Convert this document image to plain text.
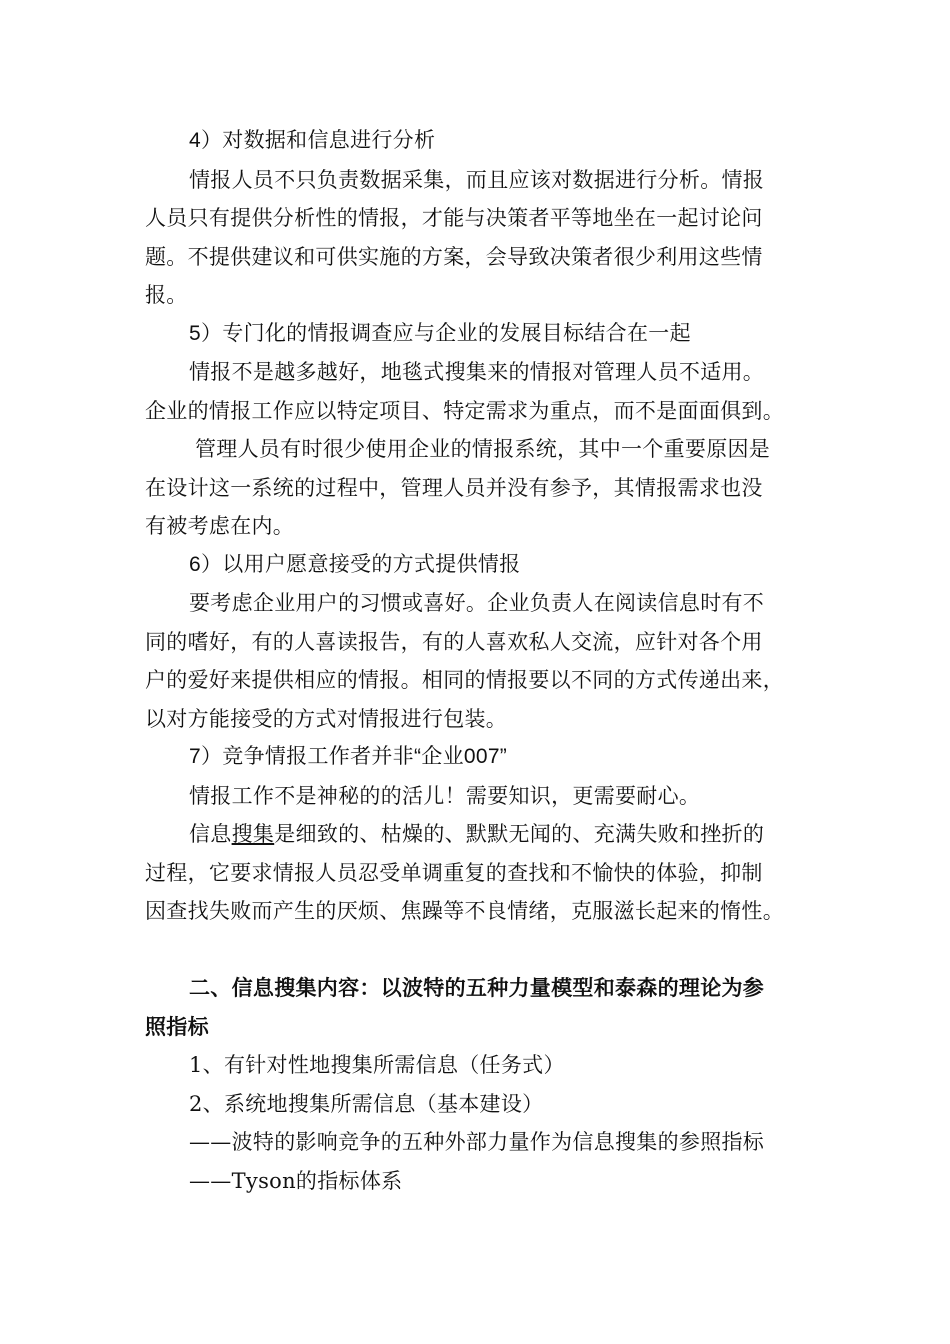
4）对数据和信息进行分析
情报人员不只负责数据采集，而且应该对数据进行分析。情报
人员只有提供分析性的情报，才能与决策者平等地坐在一起讨论问
题。不提供建议和可供实施的方案，会导致决策者很少利用这些情
报。
5）专门化的情报调查应与企业的发展目标结合在一起
情报不是越多越好，地毯式搜集来的情报对管理人员不适用。
企业的情报工作应以特定项目、特定需求为重点，而不是面面俱到。
管理人员有时很少使用企业的情报系统，其中一个重要原因是
在设计这一系统的过程中，管理人员并没有参予，其情报需求也没
有被考虑在内。
6）以用户愿意接受的方式提供情报
要考虑企业用户的习惯或喜好。企业负责人在阅读信息时有不
同的嗜好，有的人喜读报告，有的人喜欢私人交流，应针对各个用
户的爱好来提供相应的情报。相同的情报要以不同的方式传递出来，
以对方能接受的方式对情报进行包装。
7）竞争情报工作者并非“企业007”
情报工作不是神秘的的活儿！需要知识，更需要耐心。
信息搜集是细致的、枯燥的、默默无闻的、充满失败和挫折的
过程，它要求情报人员忍受单调重复的查找和不愉快的体验，抑制
因查找失败而产生的厌烦、焦躁等不良情绪，克服滋长起来的惰性。
二、信息搜集内容：以波特的五种力量模型和泰森的理论为参
照指标
1、有针对性地搜集所需信息（任务式）
2、系统地搜集所需信息（基本建设）
——波特的影响竞争的五种外部力量作为信息搜集的参照指标
——Tyson的指标体系
